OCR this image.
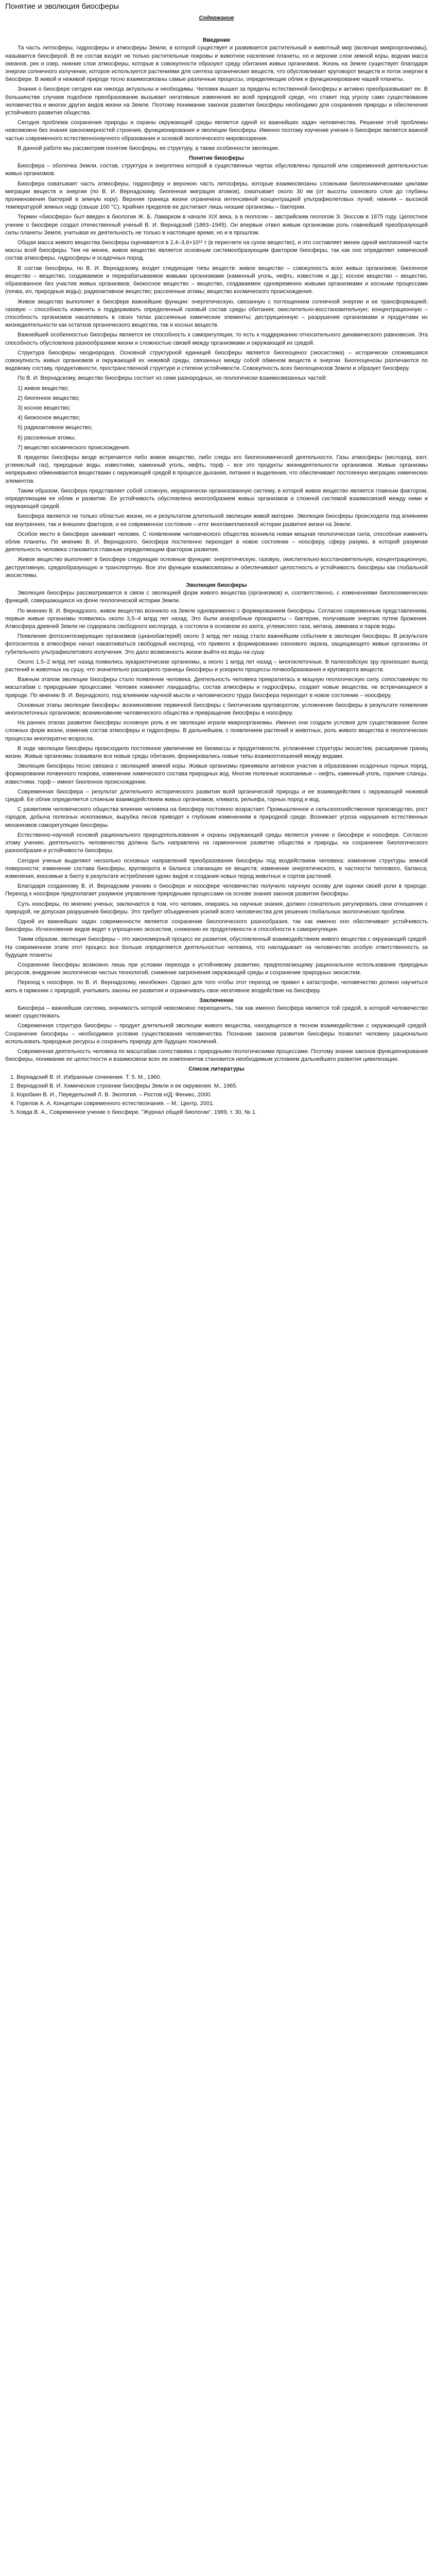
Понятие и эволюция биосферы
Содержание
Введение

Та часть литосферы, гидросферы и атмосферы Земли, в которой существует и развивается растительный и животный мир (включая микроорганизмы), называется биосферой. В ее состав входят не только растительные покровы и животное население планеты, но и верхние слои земной коры, водная масса океанов, рек и озер, нижние слои атмосферы, которые в совокупности образуют среду обитания живых организмов. Жизнь на Земле существует благодаря энергии солнечного излучения, которое используется растениями для синтеза органических веществ, что обусловливает круговорот веществ и поток энергии в биосфере. В живой и неживой природе тесно взаимосвязаны самые различные процессы, определяющие облик и функционирование нашей планеты.

Знания о биосфере сегодня как никогда актуальны и необходимы. Человек вышел за пределы естественной биосферы и активно преобразовывает ее. В большинстве случаев подобное преобразование вызывает негативные изменения во всей природной среде, что ставит под угрозу само существование человечества и многих других видов жизни на Земле. Поэтому понимание законов развития биосферы необходимо для сохранения природы и обеспечения устойчивого развития общества.

Сегодня проблема сохранения природы и охраны окружающей среды является одной из важнейших задач человечества. Решение этой проблемы невозможно без знания закономерностей строения, функционирования и эволюции биосферы. Именно поэтому изучение учения о биосфере является важной частью современного естественнонаучного образования и основой экологического мировоззрения.

В данной работе мы рассмотрим понятие биосферы, ее структуру, а также особенности эволюции.

Понятие биосферы

Биосфера – оболочка Земли, состав, структура и энергетика которой в существенных чертах обусловлены прошлой или современной деятельностью живых организмов.

Биосфера охватывает часть атмосферы, гидросферу и верхнюю часть литосферы, которые взаимосвязаны сложными биогеохимическими циклами миграции веществ и энергии (по В. И. Вернадскому, биогенная миграция атомов), охватывает около 30 км (от высоты озонового слоя до глубины проникновения бактерий в земную кору). Верхняя граница жизни ограничена интенсивной концентрацией ультрафиолетовых лучей; нижняя – высокой температурой земных недр (свыше 100 °С). Крайних пределов ее достигают лишь низшие организмы – бактерии.

Термин «биосфера» был введен в биологии Ж. Б. Ламарком в начале XIX века, а в геологии – австрийским геологом Э. Зюссом в 1875 году. Целостное учение о биосфере создал отечественный ученый В. И. Вернадский (1863–1945). Он впервые отвел живым организмам роль главнейшей преобразующей силы планеты Земля, учитывая их деятельность не только в настоящее время, но и в прошлом.

Общая масса живого вещества биосферы оценивается в 2,4–3,6×10¹² т (в пересчете на сухое вещество), и это составляет менее одной миллионной части массы всей биосферы. Тем не менее, живое вещество является основным системообразующим фактором биосферы, так как оно определяет химический состав атмосферы, гидросферы и осадочных пород.

В состав биосферы, по В. И. Вернадскому, входят следующие типы веществ: живое вещество – совокупность всех живых организмов; биогенное вещество – вещество, создаваемое и перерабатываемое живыми организмами (каменный уголь, нефть, известняк и др.); косное вещество – вещество, образованное без участия живых организмов; биокосное вещество – вещество, создаваемое одновременно живыми организмами и косными процессами (почва, ил, природные воды); радиоактивное вещество; рассеянные атомы; вещество космического происхождения.

Живое вещество выполняет в биосфере важнейшие функции: энергетическую, связанную с поглощением солнечной энергии и ее трансформацией; газовую – способность изменять и поддерживать определенный газовый состав среды обитания; окислительно-восстановительную; концентрационную – способность организмов накапливать в своих телах рассеянные химические элементы; деструкционную – разрушение организмами и продуктами их жизнедеятельности как остатков органического вещества, так и косных веществ.

Важнейшей особенностью биосферы является ее способность к саморегуляции, то есть к поддержанию относительного динамического равновесия. Эта способность обусловлена разнообразием жизни и сложностью связей между организмами и окружающей их средой.

Структура биосферы неоднородна. Основной структурной единицей биосферы является биогеоценоз (экосистема) – исторически сложившаяся совокупность живых организмов и окружающей их неживой среды, связанных между собой обменом веществ и энергии. Биогеоценозы различаются по видовому составу, продуктивности, пространственной структуре и степени устойчивости. Совокупность всех биогеоценозов Земли и образует биосферу.

По В. И. Вернадскому, вещество биосферы состоит из семи разнородных, но геологически взаимосвязанных частей:

1) живое вещество;

2) биогенное вещество;

3) косное вещество;

4) биокосное вещество;

5) радиоактивное вещество;

6) рассеянные атомы;

7) вещество космического происхождения.

В пределах биосферы везде встречается либо живое вещество, либо следы его биогеохимической деятельности. Газы атмосферы (кислород, азот, углекислый газ), природные воды, известняки, каменный уголь, нефть, торф – все это продукты жизнедеятельности организмов. Живые организмы непрерывно обмениваются веществами с окружающей средой в процессе дыхания, питания и выделения, что обеспечивает постоянную миграцию химических элементов.

Таким образом, биосфера представляет собой сложную, иерархически организованную систему, в которой живое вещество является главным фактором, определяющим ее облик и развитие. Ее устойчивость обусловлена многообразием живых организмов и сложной системой взаимосвязей между ними и окружающей средой.

Биосфера является не только областью жизни, но и результатом длительной эволюции живой материи. Эволюция биосферы происходила под влиянием как внутренних, так и внешних факторов, и ее современное состояние – итог многомиллионной истории развития жизни на Земле.

Особое место в биосфере занимает человек. С появлением человеческого общества возникла новая мощная геологическая сила, способная изменять облик планеты. По мнению В. И. Вернадского, биосфера постепенно переходит в новое состояние – ноосферу, сферу разума, в которой разумная деятельность человека становится главным определяющим фактором развития.

Живое вещество выполняет в биосфере следующие основные функции: энергетическую, газовую, окислительно-восстановительную, концентрационную, деструктивную, средообразующую и транспортную. Все эти функции взаимосвязаны и обеспечивают целостность и устойчивость биосферы как глобальной экосистемы.

Эволюция биосферы

Эволюция биосферы рассматривается в связи с эволюцией форм живого вещества (организмов) и, соответственно, с изменениями биогеохимических функций, совершающихся на фоне геологической истории Земли.

По мнению В. И. Вернадского, живое вещество возникло на Земле одновременно с формированием биосферы. Согласно современным представлениям, первые живые организмы появились около 3,5–4 млрд лет назад. Это были анаэробные прокариоты – бактерии, получавшие энергию путем брожения. Атмосфера древней Земли не содержала свободного кислорода, а состояла в основном из азота, углекислого газа, метана, аммиака и паров воды.

Появление фотосинтезирующих организмов (цианобактерий) около 3 млрд лет назад стало важнейшим событием в эволюции биосферы. В результате фотосинтеза в атмосфере начал накапливаться свободный кислород, что привело к формированию озонового экрана, защищающего живые организмы от губительного ультрафиолетового излучения. Это дало возможность жизни выйти из воды на сушу.

Около 1,5–2 млрд лет назад появились эукариотические организмы, а около 1 млрд лет назад – многоклеточные. В палеозойскую эру произошел выход растений и животных на сушу, что значительно расширило границы биосферы и ускорило процессы почвообразования и круговорота веществ.

Важным этапом эволюции биосферы стало появление человека. Деятельность человека превратилась в мощную геологическую силу, сопоставимую по масштабам с природными процессами. Человек изменяет ландшафты, состав атмосферы и гидросферы, создает новые вещества, не встречающиеся в природе. По мнению В. И. Вернадского, под влиянием научной мысли и человеческого труда биосфера переходит в новое состояние – ноосферу.

Основные этапы эволюции биосферы: возникновение первичной биосферы с биотическим круговоротом; усложнение биосферы в результате появления многоклеточных организмов; возникновение человеческого общества и превращение биосферы в ноосферу.

На ранних этапах развития биосферы основную роль в ее эволюции играли микроорганизмы. Именно они создали условия для существования более сложных форм жизни, изменив состав атмосферы и гидросферы. В дальнейшем, с появлением растений и животных, роль живого вещества в геологических процессах многократно возросла.

В ходе эволюции биосферы происходило постоянное увеличение ее биомассы и продуктивности, усложнение структуры экосистем, расширение границ жизни. Живые организмы осваивали все новые среды обитания, формировались новые типы взаимоотношений между видами.

Эволюция биосферы тесно связана с эволюцией земной коры. Живые организмы принимали активное участие в образовании осадочных горных пород, формировании почвенного покрова, изменении химического состава природных вод. Многие полезные ископаемые – нефть, каменный уголь, горючие сланцы, известняки, торф – имеют биогенное происхождение.

Современная биосфера – результат длительного исторического развития всей органической природы и ее взаимодействия с окружающей неживой средой. Ее облик определяется сложным взаимодействием живых организмов, климата, рельефа, горных пород и вод.

С развитием человеческого общества влияние человека на биосферу постоянно возрастает. Промышленное и сельскохозяйственное производство, рост городов, добыча полезных ископаемых, вырубка лесов приводят к глубоким изменениям в природной среде. Возникает угроза нарушения естественных механизмов саморегуляции биосферы.

Естественно-научной основой рационального природопользования и охраны окружающей среды является учение о биосфере и ноосфере. Согласно этому учению, деятельность человечества должна быть направлена на гармоничное развитие общества и природы, на сохранение биологического разнообразия и устойчивости биосферы.

Сегодня ученые выделяют несколько основных направлений преобразования биосферы под воздействием человека: изменение структуры земной поверхности; изменение состава биосферы, круговорота и баланса слагающих ее веществ; изменение энергетического, в частности теплового, баланса; изменения, вносимые в биоту в результате истребления одних видов и создания новых пород животных и сортов растений.

Благодаря созданному В. И. Вернадским учению о биосфере и ноосфере человечество получило научную основу для оценки своей роли в природе. Переход к ноосфере предполагает разумное управление природными процессами на основе знания законов развития биосферы.

Суть ноосферы, по мнению ученых, заключается в том, что человек, опираясь на научные знания, должен сознательно регулировать свои отношения с природой, не допуская разрушения биосферы. Это требует объединения усилий всего человечества для решения глобальных экологических проблем.

Одной из важнейших задач современности является сохранение биологического разнообразия, так как именно оно обеспечивает устойчивость биосферы. Исчезновение видов ведет к упрощению экосистем, снижению их продуктивности и способности к саморегуляции.

Таким образом, эволюция биосферы – это закономерный процесс ее развития, обусловленный взаимодействием живого вещества с окружающей средой. На современном этапе этот процесс все больше определяется деятельностью человека, что накладывает на человечество особую ответственность за будущее планеты.

Сохранение биосферы возможно лишь при условии перехода к устойчивому развитию, предполагающему рациональное использование природных ресурсов, внедрение экологически чистых технологий, снижение загрязнения окружающей среды и сохранение природных экосистем.

Переход к ноосфере, по В. И. Вернадскому, неизбежен. Однако для того чтобы этот переход не привел к катастрофе, человечество должно научиться жить в гармонии с природой, учитывать законы ее развития и ограничивать свое негативное воздействие на биосферу.

Заключение

Биосфера – важнейшая система, значимость которой невозможно переоценить, так как именно биосфера является той средой, в которой человечество может существовать.

Современная структура биосферы – продукт длительной эволюции живого вещества, находящегося в тесном взаимодействии с окружающей средой. Сохранение биосферы – необходимое условие существования человечества. Познание законов развития биосферы позволит человеку рационально использовать природные ресурсы и сохранить природу для будущих поколений.

Современная деятельность человека по масштабам сопоставима с природными геологическими процессами. Поэтому знание законов функционирования биосферы, понимание ее целостности и взаимосвязи всех ее компонентов становится необходимым условием дальнейшего развития цивилизации.

Список литературы
1. Вернадский В. И. Избранные сочинения. Т. 5. М., 1960.
2. Вернадский В. И. Химическое строение биосферы Земли и ее окружения. М., 1965.
3. Коробкин В. И., Передельский Л. В. Экология. – Ростов н/Д: Феникс, 2000.
4. Горелов А. А. Концепции современного естествознания. – М.: Центр, 2001.
5. Ковда В. А., Современное учение о биосфере. "Журнал общей биологии", 1969, т. 30, № 1.
